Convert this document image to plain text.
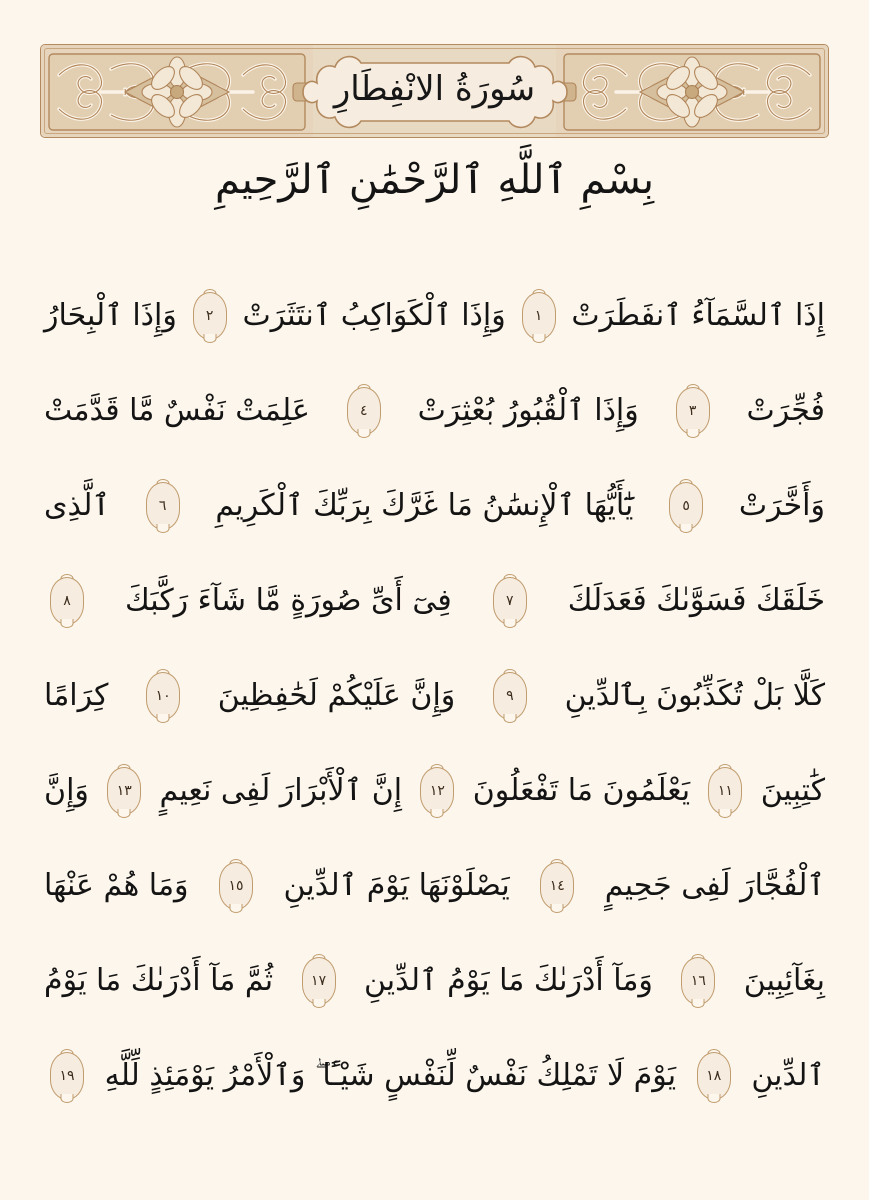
سُورَةُ الانْفِطَارِ
بِسْمِ ٱللَّهِ ٱلرَّحْمَٰنِ ٱلرَّحِيمِ
إِذَا ٱلسَّمَآءُ ٱنفَطَرَتْ
١
وَإِذَا ٱلْكَوَاكِبُ ٱنتَثَرَتْ
٢
وَإِذَا ٱلْبِحَارُ
فُجِّرَتْ
٣
وَإِذَا ٱلْقُبُورُ بُعْثِرَتْ
٤
عَلِمَتْ نَفْسٌ مَّا قَدَّمَتْ
وَأَخَّرَتْ
٥
يَٰٓأَيُّهَا ٱلْإِنسَٰنُ مَا غَرَّكَ بِرَبِّكَ ٱلْكَرِيمِ
٦
ٱلَّذِى
خَلَقَكَ فَسَوَّىٰكَ فَعَدَلَكَ
٧
فِىٓ أَىِّ صُورَةٍ مَّا شَآءَ رَكَّبَكَ
٨
كَلَّا بَلْ تُكَذِّبُونَ بِٱلدِّينِ
٩
وَإِنَّ عَلَيْكُمْ لَحَٰفِظِينَ
١٠
كِرَامًا
كَٰتِبِينَ
١١
يَعْلَمُونَ مَا تَفْعَلُونَ
١٢
إِنَّ ٱلْأَبْرَارَ لَفِى نَعِيمٍ
١٣
وَإِنَّ
ٱلْفُجَّارَ لَفِى جَحِيمٍ
١٤
يَصْلَوْنَهَا يَوْمَ ٱلدِّينِ
١٥
وَمَا هُمْ عَنْهَا
بِغَآئِبِينَ
١٦
وَمَآ أَدْرَىٰكَ مَا يَوْمُ ٱلدِّينِ
١٧
ثُمَّ مَآ أَدْرَىٰكَ مَا يَوْمُ
ٱلدِّينِ
١٨
يَوْمَ لَا تَمْلِكُ نَفْسٌ لِّنَفْسٍ شَيْـًٔا ۖ وَٱلْأَمْرُ يَوْمَئِذٍ لِّلَّهِ
١٩
